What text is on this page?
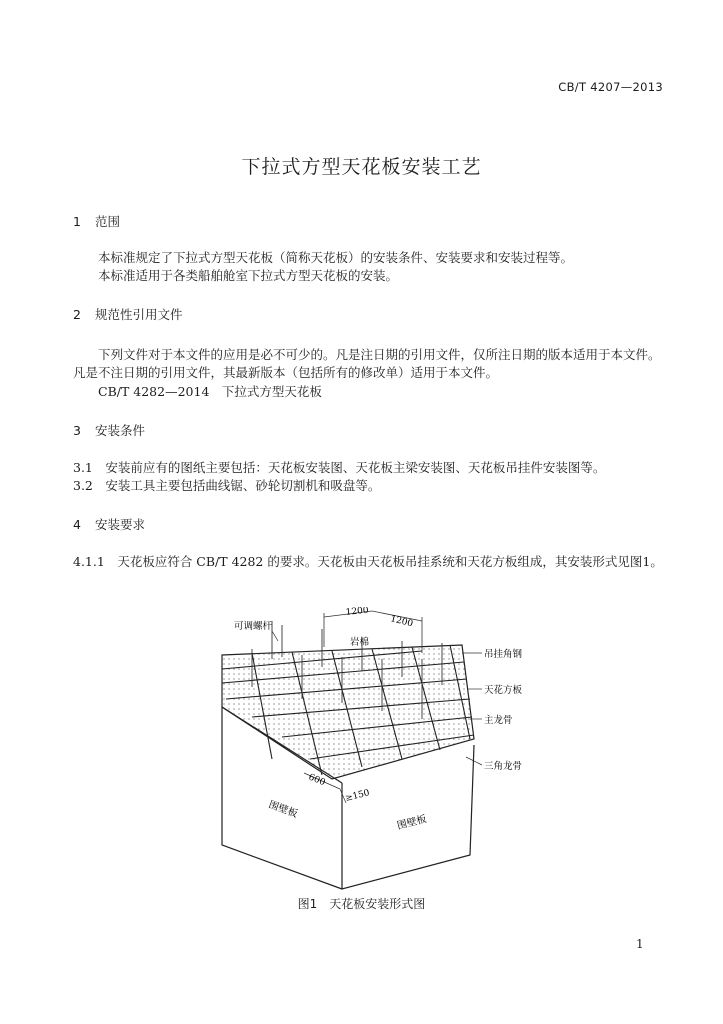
CB/T 4207—2013
下拉式方型天花板安装工艺
1 范围
本标准规定了下拉式方型天花板（简称天花板）的安装条件、安装要求和安装过程等。
本标准适用于各类船舶舱室下拉式方型天花板的安装。
2 规范性引用文件
下列文件对于本文件的应用是必不可少的。凡是注日期的引用文件，仅所注日期的版本适用于本文件。凡是不注日期的引用文件，其最新版本（包括所有的修改单）适用于本文件。
CB/T 4282—2014　下拉式方型天花板
3 安装条件
3.1　 安装前应有的图纸主要包括：天花板安装图、天花板主梁安装图、天花板吊挂件安装图等。
3.2　 安装工具主要包括曲线锯、砂轮切割机和吸盘等。
4 安装要求
4.1.1　 天花板应符合 CB/T 4282 的要求。天花板由天花板吊挂系统和天花方板组成，其安装形式见图1。
1200
1200
可调螺杆
岩棉
吊挂角钢
天花方板
主龙骨
三角龙骨
600
≥150
围壁板
围壁板
图1　天花板安装形式图
1
